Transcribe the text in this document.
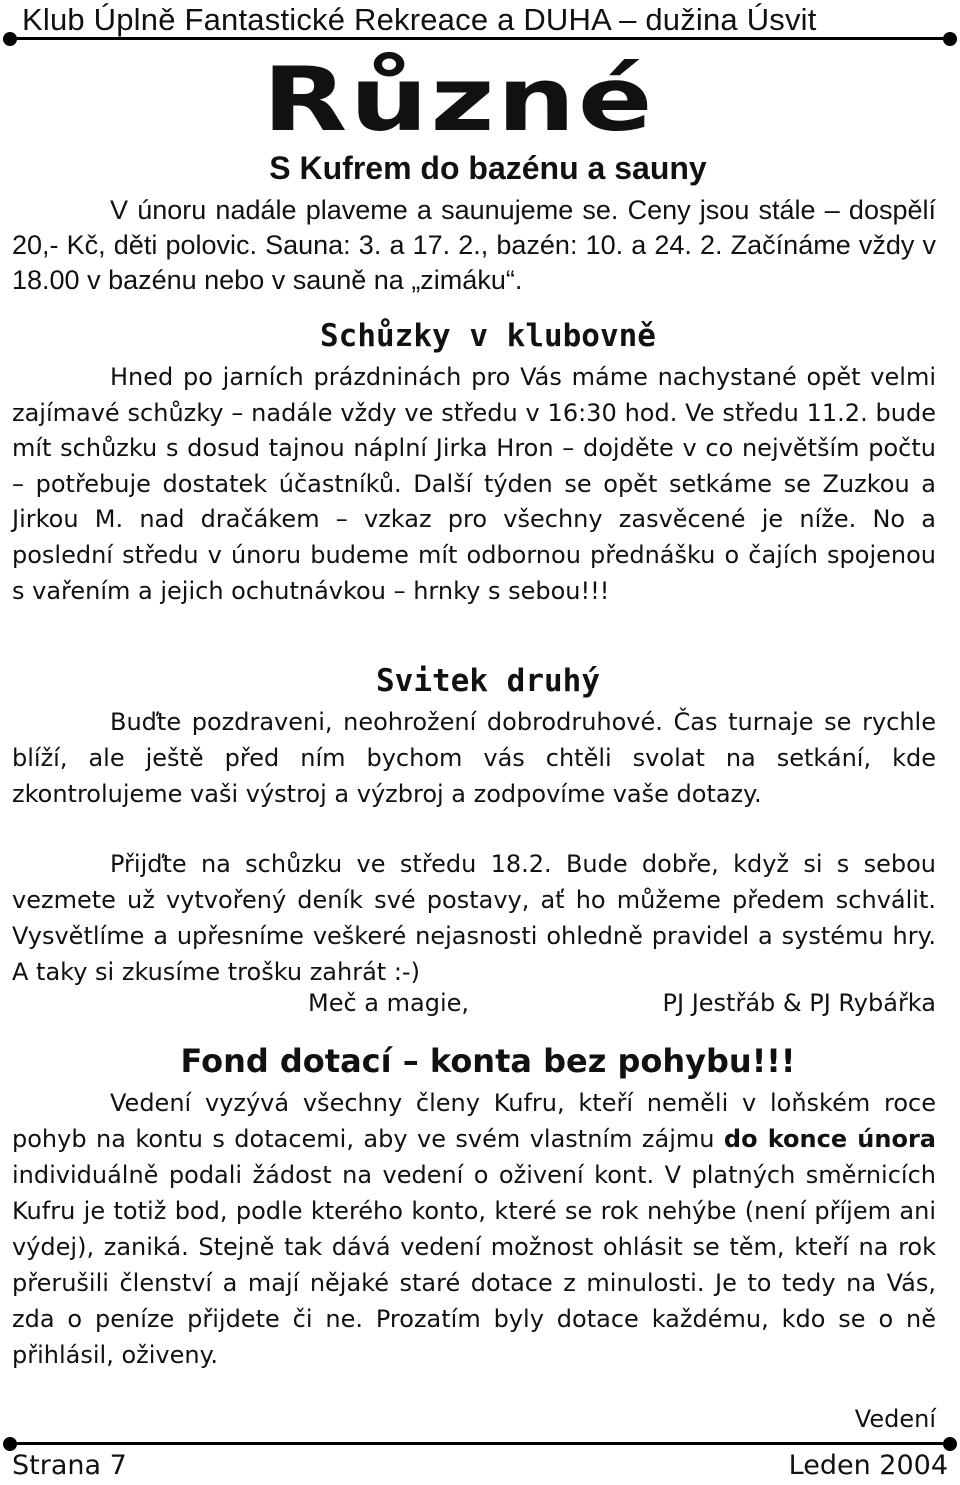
Klub Úplně Fantastické Rekreace a DUHA – dužina Úsvit
Různé
S Kufrem do bazénu a sauny
V únoru nadále plaveme a saunujeme se. Ceny jsou stále – dospělí 20,- Kč, děti polovic. Sauna: 3. a 17. 2., bazén: 10. a 24. 2. Začínáme vždy v 18.00 v bazénu nebo v sauně na „zimáku“.
Schůzky v klubovně
Hned po jarních prázdninách pro Vás máme nachystané opět velmi zajímavé schůzky – nadále vždy ve středu v 16:30 hod. Ve středu 11.2. bude mít schůzku s dosud tajnou náplní Jirka Hron – dojděte v co největším počtu – potřebuje dostatek účastníků. Další týden se opět setkáme se Zuzkou a Jirkou M. nad dračákem – vzkaz pro všechny zasvěcené je níže. No a poslední středu v únoru budeme mít odbornou přednášku o čajích spojenou s vařením a jejich ochutnávkou – hrnky s sebou!!!
Svitek druhý
Buďte pozdraveni, neohrožení dobrodruhové. Čas turnaje se rychle blíží, ale ještě před ním bychom vás chtěli svolat na setkání, kde zkontrolujeme vaši výstroj a výzbroj a zodpovíme vaše dotazy.
Přijďte na schůzku ve středu 18.2. Bude dobře, když si s sebou vezmete už vytvořený deník své postavy, ať ho můžeme předem schválit. Vysvětlíme a upřesníme veškeré nejasnosti ohledně pravidel a systému hry. A taky si zkusíme trošku zahrát :-)
Meč a magie,	PJ Jestřáb & PJ Rybářka
Fond dotací – konta bez pohybu!!!
Vedení vyzývá všechny členy Kufru, kteří neměli v loňském roce pohyb na kontu s dotacemi, aby ve svém vlastním zájmu do konce února individuálně podali žádost na vedení o oživení kont. V platných směrnicích Kufru je totiž bod, podle kterého konto, které se rok nehýbe (není příjem ani výdej), zaniká. Stejně tak dává vedení možnost ohlásit se těm, kteří na rok přerušili členství a mají nějaké staré dotace z minulosti. Je to tedy na Vás, zda o peníze přijdete či ne. Prozatím byly dotace každému, kdo se o ně přihlásil, oživeny.
Vedení
Strana 7	Leden 2004
